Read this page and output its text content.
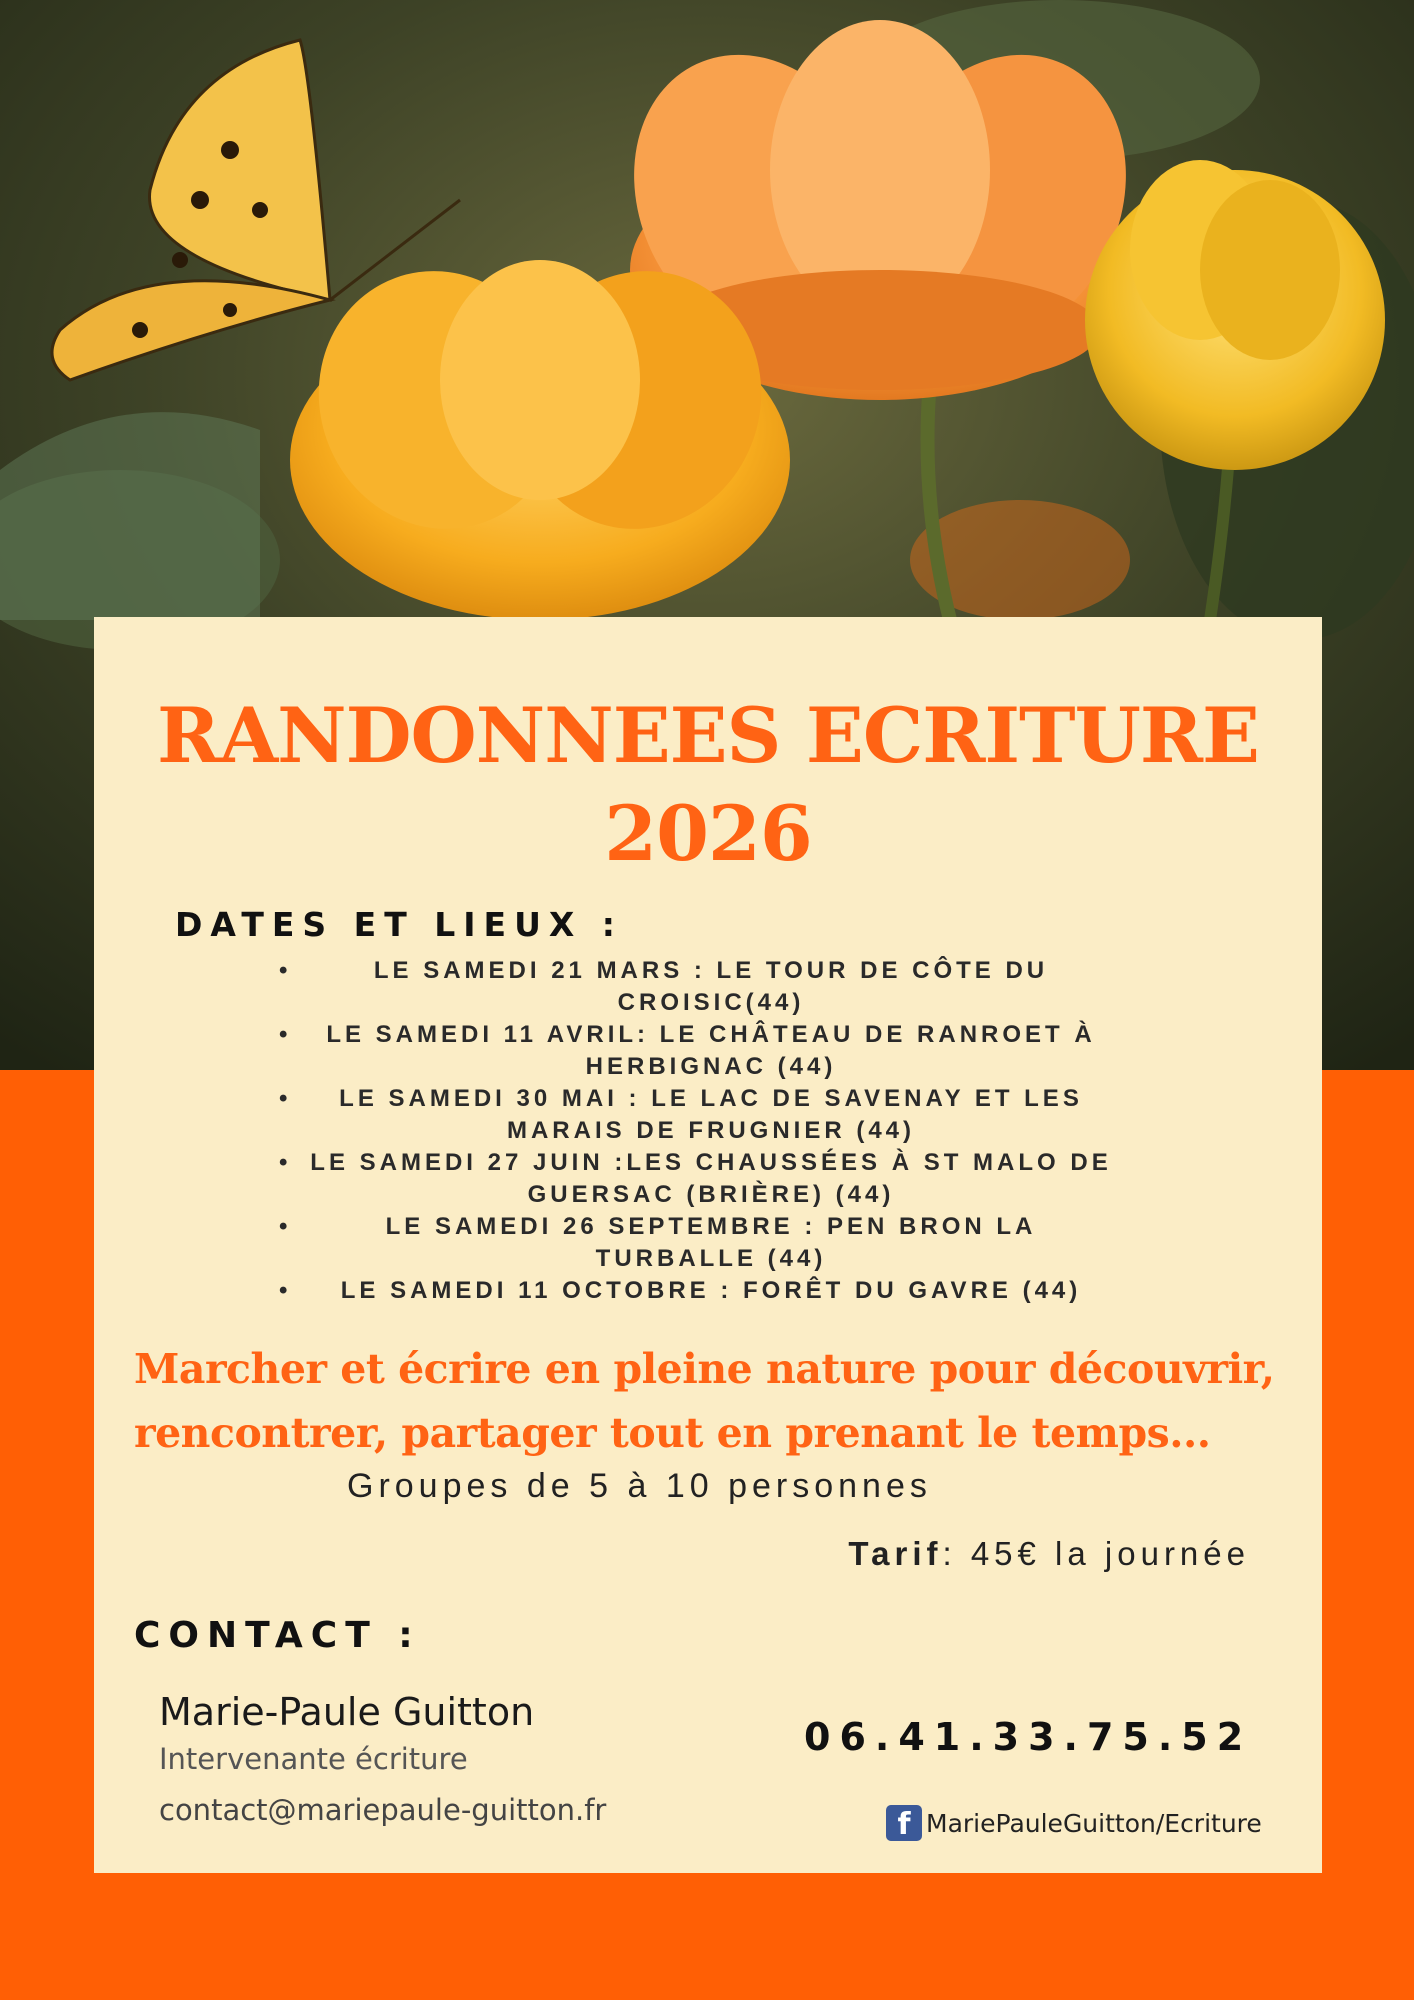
RANDONNEES ECRITURE
2026
DATES ET LIEUX :
•	LE SAMEDI 21 MARS : LE TOUR DE CÔTE DU CROISIC(44)
• LE SAMEDI 11 AVRIL: LE CHÂTEAU DE RANROET À HERBIGNAC (44)
• LE SAMEDI 30 MAI : LE LAC DE SAVENAY ET LES MARAIS DE FRUGNIER (44)
• LE SAMEDI 27 JUIN :LES CHAUSSÉES À ST MALO DE GUERSAC (BRIÈRE) (44)
•	LE SAMEDI 26 SEPTEMBRE : PEN BRON LA TURBALLE (44)
• LE SAMEDI 11 OCTOBRE : FORÊT DU GAVRE (44)
Marcher et écrire en pleine nature pour découvrir, rencontrer, partager tout en prenant le temps...
Groupes de 5 à 10 personnes
Tarif: 45€ la journée
CONTACT :
Marie-Paule Guitton
Intervenante écriture
contact@mariepaule-guitton.fr
06.41.33.75.52
f MariePauleGuitton/Ecriture
